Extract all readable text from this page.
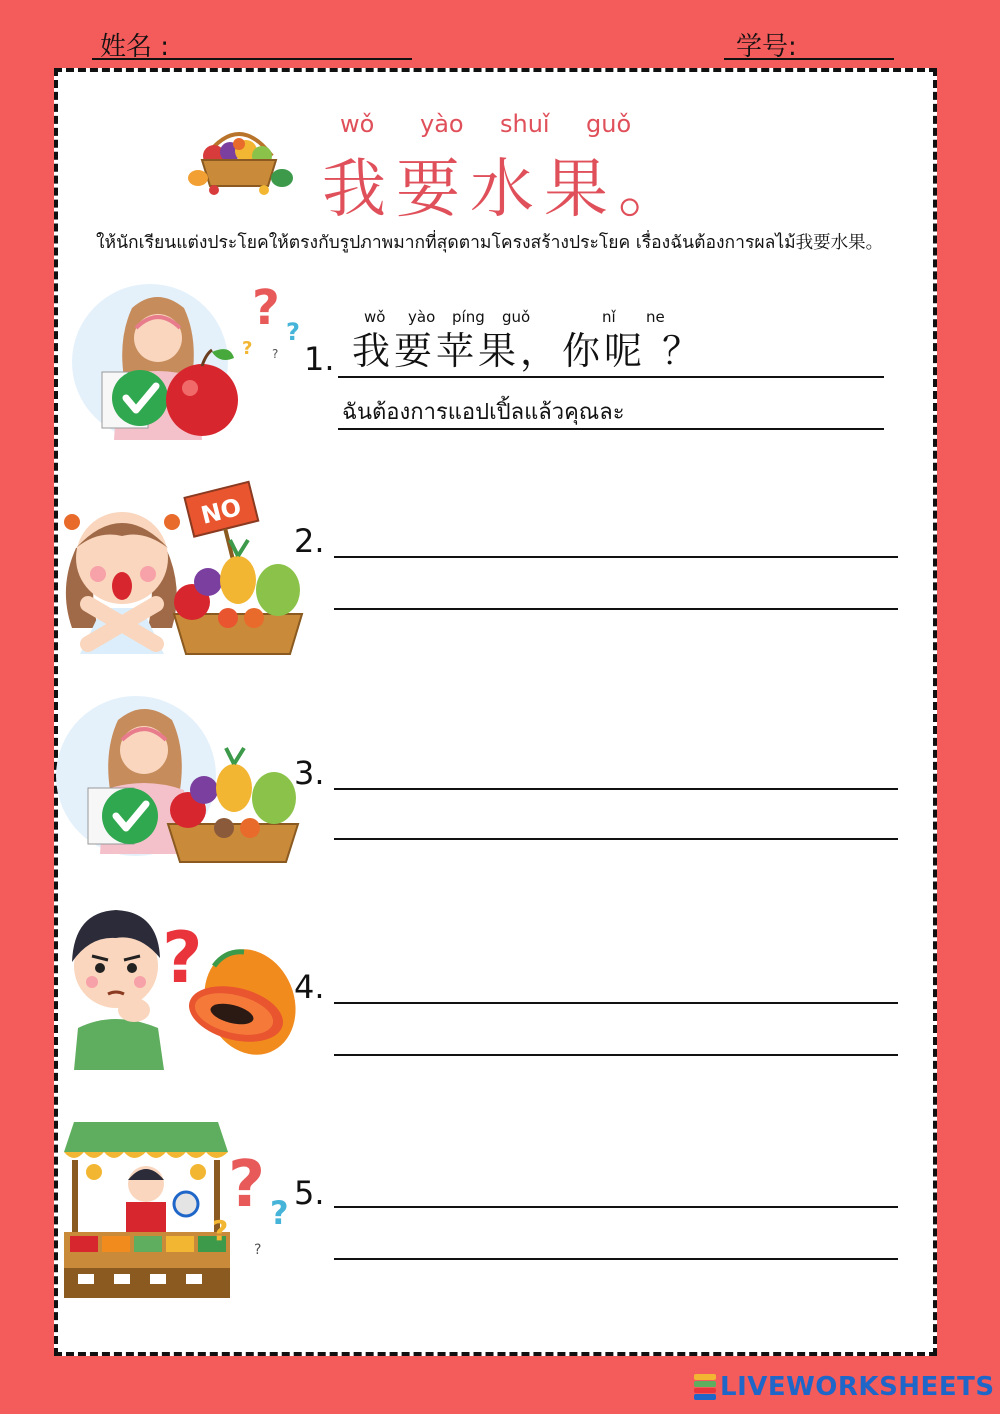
姓名 :	学号:
wǒ yào shuǐ guǒ
我要水果。
ให้นักเรียนแต่งประโยคให้ตรงกับรูปภาพมากที่สุดตามโครงสร้างประโยค เรื่องฉันต้องการผลไม้我要水果。
? ?
? ? 1.
wǒ yào píng guǒ	nǐ ne
我要苹果，你呢 ？
ฉันต้องการแอปเปิ้ลแล้วคุณละ
NO
2.
3.
?	4.
? ?
?
?
5.
LIVEWORKSHEETS
